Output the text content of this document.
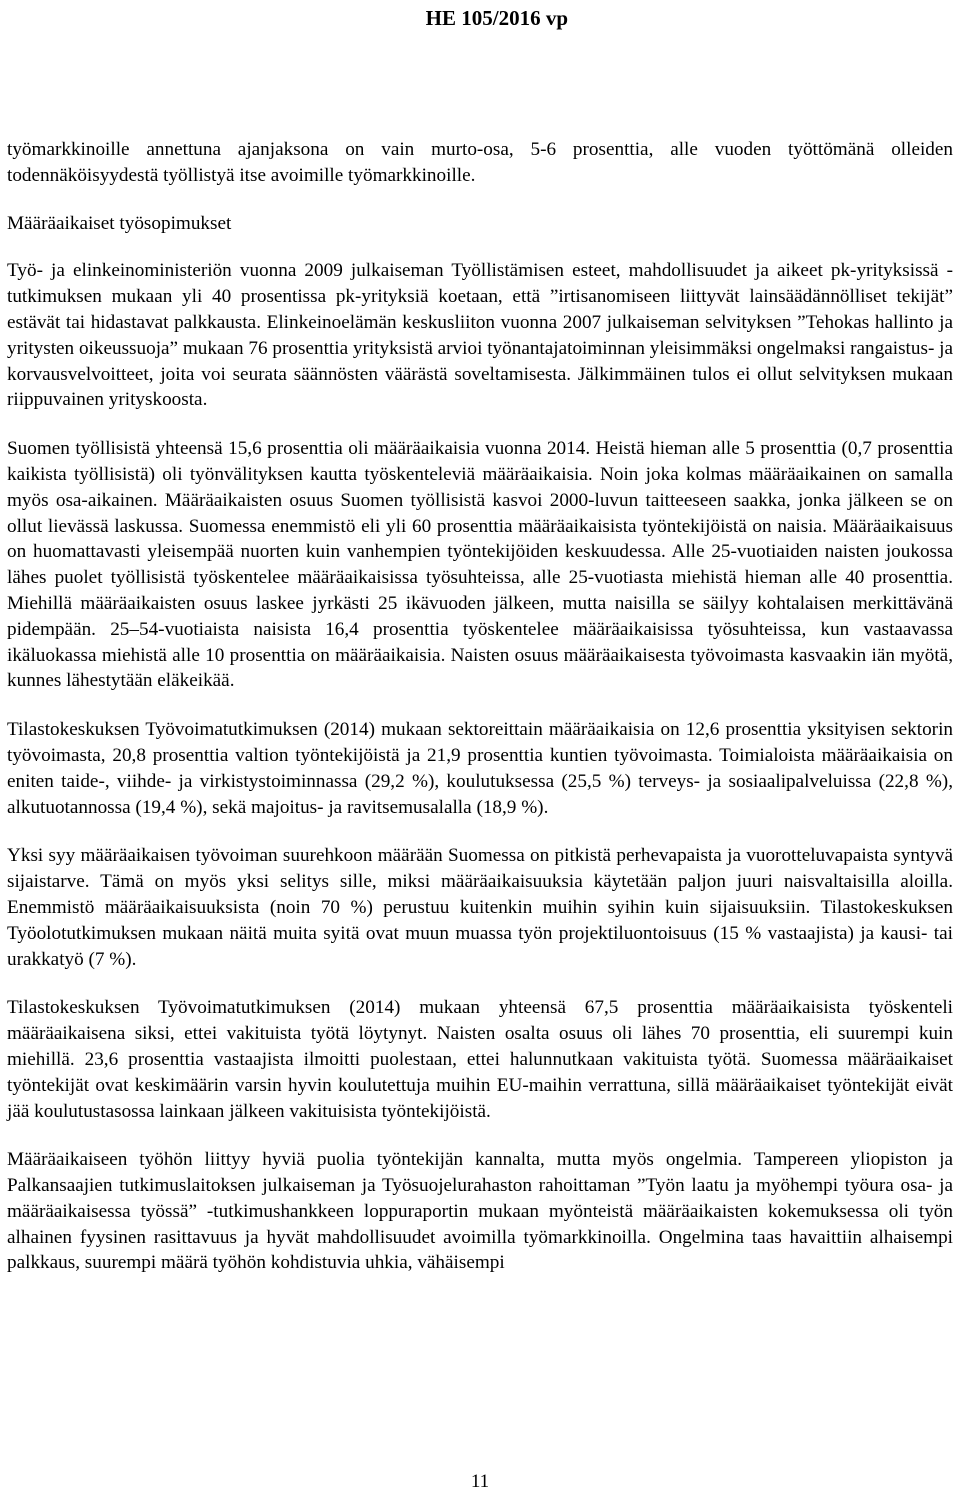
HE 105/2016 vp

työmarkkinoille annettuna ajanjaksona on vain murto-osa, 5-6 prosenttia, alle vuoden työttömänä olleiden todennäköisyydestä työllistyä itse avoimille työmarkkinoille.

Määräaikaiset työsopimukset

Työ- ja elinkeinoministeriön vuonna 2009 julkaiseman Työllistämisen esteet, mahdollisuudet ja aikeet pk-yrityksissä -tutkimuksen mukaan yli 40 prosentissa pk-yrityksiä koetaan, että ”irtisanomiseen liittyvät lainsäädännölliset tekijät” estävät tai hidastavat palkkausta. Elinkeinoelämän keskusliiton vuonna 2007 julkaiseman selvityksen ”Tehokas hallinto ja yritysten oikeussuoja” mukaan 76 prosenttia yrityksistä arvioi työnantajatoiminnan yleisimmäksi ongelmaksi rangaistus- ja korvausvelvoitteet, joita voi seurata säännösten väärästä soveltamisesta. Jälkimmäinen tulos ei ollut selvityksen mukaan riippuvainen yrityskoosta.

Suomen työllisistä yhteensä 15,6 prosenttia oli määräaikaisia vuonna 2014. Heistä hieman alle 5 prosenttia (0,7 prosenttia kaikista työllisistä) oli työnvälityksen kautta työskenteleviä määräaikaisia. Noin joka kolmas määräaikainen on samalla myös osa-aikainen. Määräaikaisten osuus Suomen työllisistä kasvoi 2000-luvun taitteeseen saakka, jonka jälkeen se on ollut lievässä laskussa. Suomessa enemmistö eli yli 60 prosenttia määräaikaisista työntekijöistä on naisia. Määräaikaisuus on huomattavasti yleisempää nuorten kuin vanhempien työntekijöiden keskuudessa. Alle 25-vuotiaiden naisten joukossa lähes puolet työllisistä työskentelee määräaikaisissa työsuhteissa, alle 25-vuotiasta miehistä hieman alle 40 prosenttia. Miehillä määräaikaisten osuus laskee jyrkästi 25 ikävuoden jälkeen, mutta naisilla se säilyy kohtalaisen merkittävänä pidempään. 25–54-vuotiaista naisista 16,4 prosenttia työskentelee määräaikaisissa työsuhteissa, kun vastaavassa ikäluokassa miehistä alle 10 prosenttia on määräaikaisia. Naisten osuus määräaikaisesta työvoimasta kasvaakin iän myötä, kunnes lähestytään eläkeikää.

Tilastokeskuksen Työvoimatutkimuksen (2014) mukaan sektoreittain määräaikaisia on 12,6 prosenttia yksityisen sektorin työvoimasta, 20,8 prosenttia valtion työntekijöistä ja 21,9 prosenttia kuntien työvoimasta. Toimialoista määräaikaisia on eniten taide-, viihde- ja virkistystoiminnassa (29,2 %), koulutuksessa (25,5 %) terveys- ja sosiaalipalveluissa (22,8 %), alkutuotannossa (19,4 %), sekä majoitus- ja ravitsemusalalla (18,9 %).

Yksi syy määräaikaisen työvoiman suurehkoon määrään Suomessa on pitkistä perhevapaista ja vuorotteluvapaista syntyvä sijaistarve. Tämä on myös yksi selitys sille, miksi määräaikaisuuksia käytetään paljon juuri naisvaltaisilla aloilla. Enemmistö määräaikaisuuksista (noin 70 %) perustuu kuitenkin muihin syihin kuin sijaisuuksiin. Tilastokeskuksen Työolotutkimuksen mukaan näitä muita syitä ovat muun muassa työn projektiluontoisuus (15 % vastaajista) ja kausi- tai urakkatyö (7 %).

Tilastokeskuksen Työvoimatutkimuksen (2014) mukaan yhteensä 67,5 prosenttia määräaikaisista työskenteli määräaikaisena siksi, ettei vakituista työtä löytynyt. Naisten osalta osuus oli lähes 70 prosenttia, eli suurempi kuin miehillä. 23,6 prosenttia vastaajista ilmoitti puolestaan, ettei halunnutkaan vakituista työtä. Suomessa määräaikaiset työntekijät ovat keskimäärin varsin hyvin koulutettuja muihin EU-maihin verrattuna, sillä määräaikaiset työntekijät eivät jää koulutustasossa lainkaan jälkeen vakituisista työntekijöistä.

Määräaikaiseen työhön liittyy hyviä puolia työntekijän kannalta, mutta myös ongelmia. Tampereen yliopiston ja Palkansaajien tutkimuslaitoksen julkaiseman ja Työsuojelurahaston rahoittaman ”Työn laatu ja myöhempi työura osa- ja määräaikaisessa työssä” -tutkimushankkeen loppuraportin mukaan myönteistä määräaikaisten kokemuksessa oli työn alhainen fyysinen rasittavuus ja hyvät mahdollisuudet avoimilla työmarkkinoilla. Ongelmina taas havaittiin alhaisempi palkkaus, suurempi määrä työhön kohdistuvia uhkia, vähäisempi

11
